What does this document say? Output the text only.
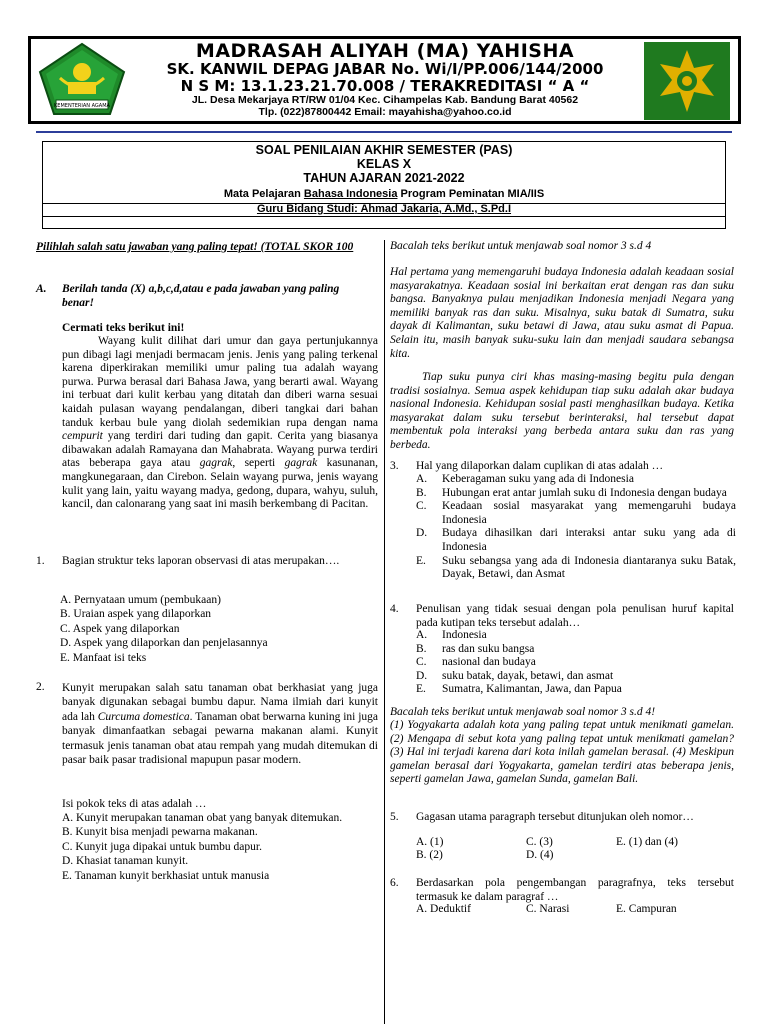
KEMENTERIAN AGAMA
MADRASAH ALIYAH (MA) YAHISHA
SK. KANWIL DEPAG JABAR No. Wi/I/PP.006/144/2000
N S M: 13.1.23.21.70.008 / TERAKREDITASI “ A “
JL. Desa Mekarjaya RT/RW 01/04 Kec. Cihampelas Kab. Bandung Barat 40562
Tlp. (022)87800442 Email: mayahisha@yahoo.co.id
SOAL PENILAIAN AKHIR SEMESTER (PAS)
KELAS X
TAHUN AJARAN 2021-2022
Mata Pelajaran Bahasa Indonesia Program Peminatan MIA/IIS
Guru Bidang Studi: Ahmad Jakaria, A.Md., S.Pd.I
Pilihlah salah satu jawaban yang paling tepat! (TOTAL SKOR 100
A.	Berilah tanda (X) a,b,c,d,atau e pada jawaban yang paling benar!
Cermati teks berikut ini!
Wayang kulit dilihat dari umur dan gaya pertunjukannya pun dibagi lagi menjadi bermacam jenis. Jenis yang paling terkenal karena diperkirakan memiliki umur paling tua adalah wayang purwa. Purwa berasal dari Bahasa Jawa, yang berarti awal. Wayang ini terbuat dari kulit kerbau yang ditatah dan diberi warna sesuai kaidah pulasan wayang pendalangan, diberi tangkai dari bahan tanduk kerbau bule yang diolah sedemikian rupa dengan nama cempurit yang terdiri dari tuding dan gapit. Cerita yang biasanya dibawakan adalah Ramayana dan Mahabrata. Wayang purwa terdiri atas beberapa gaya atau gagrak, seperti gagrak kasunanan, mangkunegaraan, dan Cirebon. Selain wayang purwa, jenis wayang kulit yang lain, yaitu wayang madya, gedong, dupara, wahyu, suluh, kancil, dan calonarang yang saat ini masih berkembang di Pacitan.
1.	Bagian struktur teks laporan observasi di atas merupakan….
A. Pernyataan umum (pembukaan)
B. Uraian aspek yang dilaporkan
C. Aspek yang dilaporkan
D. Aspek yang dilaporkan dan penjelasannya
E. Manfaat isi teks
2.	Kunyit merupakan salah satu tanaman obat berkhasiat yang juga banyak digunakan sebagai bumbu dapur. Nama ilmiah dari kunyit ada lah Curcuma domestica. Tanaman obat berwarna kuning ini juga banyak dimanfaatkan sebagai pewarna makanan alami. Kunyit termasuk jenis tanaman obat atau rempah yang mudah ditemukan di pasar baik pasar tradisional mapupun pasar modern.
Isi pokok teks di atas adalah …
A. Kunyit merupakan tanaman obat yang banyak ditemukan.
B. Kunyit bisa menjadi pewarna makanan.
C. Kunyit juga dipakai untuk bumbu dapur.
D. Khasiat tanaman kunyit.
E. Tanaman kunyit berkhasiat untuk manusia
Bacalah teks berikut untuk menjawab soal nomor 3 s.d 4
Hal pertama yang memengaruhi budaya Indonesia adalah keadaan sosial masyarakatnya. Keadaan sosial ini berkaitan erat dengan ras dan suku bangsa. Banyaknya pulau menjadikan Indonesia menjadi Negara yang memiliki banyak ras dan suku. Misalnya, suku batak di Sumatra, suku dayak di Kalimantan, suku betawi di Jawa, atau suku asmat di Papua. Selain itu, masih banyak suku-suku lain dan menjadi saudara sebangsa kita.
Tiap suku punya ciri khas masing-masing begitu pula dengan tradisi sosialnya. Semua aspek kehidupan tiap suku adalah akar budaya nasional Indonesia. Kehidupan sosial pasti menghasilkan budaya. Ketika masyarakat dalam suku tersebut berinteraksi, hal tersebut dapat membentuk pola interaksi yang berbeda antara suku dan ras yang berbeda.
3.	Hal yang dilaporkan dalam cuplikan di atas adalah …
A.	Keberagaman suku yang ada di Indonesia
B.	Hubungan erat antar jumlah suku di Indonesia dengan budaya
C.	Keadaan sosial masyarakat yang memengaruhi budaya Indonesia
D.	Budaya dihasilkan dari interaksi antar suku yang ada di Indonesia
E.	Suku sebangsa yang ada di Indonesia diantaranya suku Batak, Dayak, Betawi, dan Asmat
4.	Penulisan yang tidak sesuai dengan pola penulisan huruf kapital pada kutipan teks tersebut adalah…
A.	Indonesia
B.	ras dan suku bangsa
C.	nasional dan budaya
D.	suku batak, dayak, betawi, dan asmat
E.	Sumatra, Kalimantan, Jawa, dan Papua
Bacalah teks berikut untuk menjawab soal nomor 3 s.d 4!
(1) Yogyakarta adalah kota yang paling tepat untuk menikmati gamelan. (2) Mengapa di sebut kota yang paling tepat untuk menikmati gamelan? (3) Hal ini terjadi karena dari kota inilah gamelan berasal. (4) Meskipun gamelan berasal dari Yogyakarta, gamelan terdiri atas beberapa jenis, seperti gamelan Jawa, gamelan Sunda, gamelan Bali.
5.	Gagasan utama paragraph tersebut ditunjukan oleh nomor…
A. (1)	C. (3)	E. (1) dan (4)
B. (2)	D. (4)
6.	Berdasarkan pola pengembangan paragrafnya, teks tersebut termasuk ke dalam paragraf …
A. Deduktif	C. Narasi	E. Campuran
